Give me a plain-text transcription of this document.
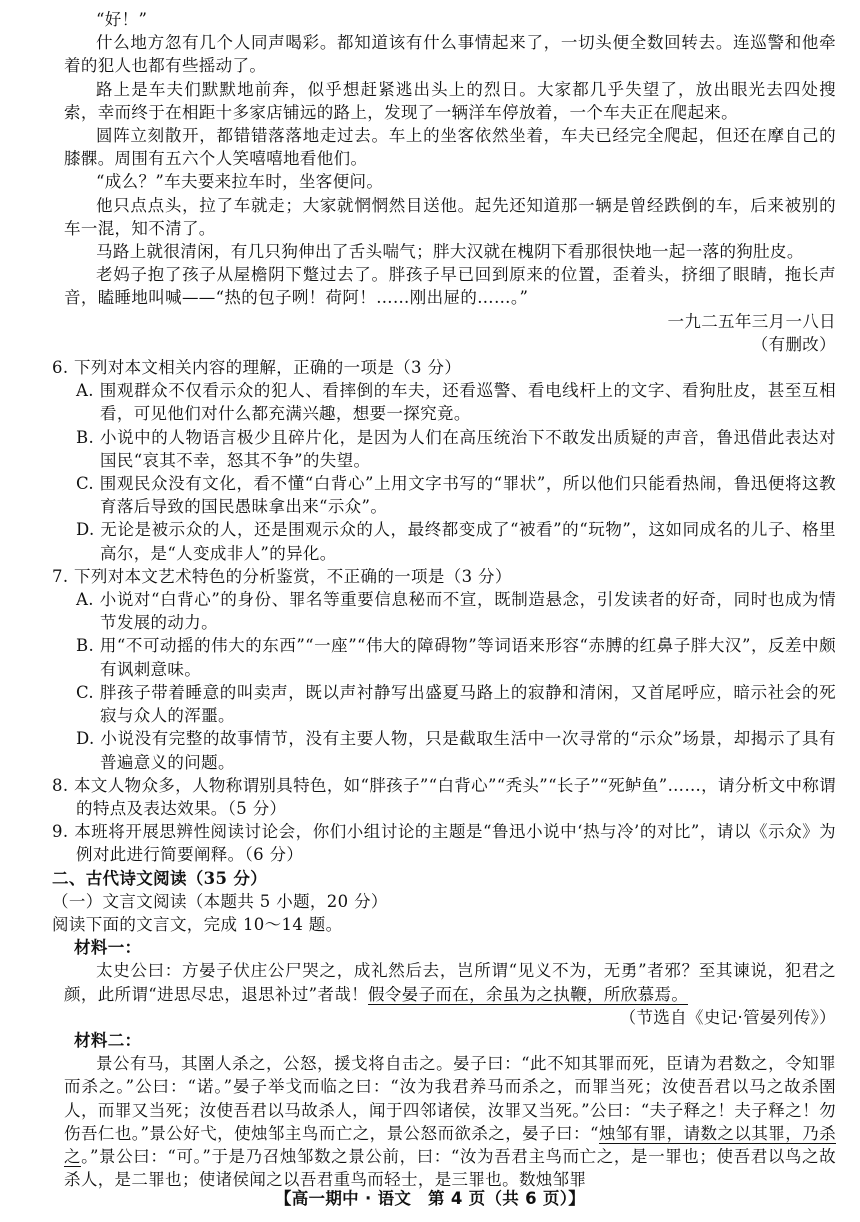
“好！”

什么地方忽有几个人同声喝彩。都知道该有什么事情起来了，一切头便全数回转去。连巡警和他牵着的犯人也都有些摇动了。

路上是车夫们默默地前奔，似乎想赶紧逃出头上的烈日。大家都几乎失望了，放出眼光去四处搜索，幸而终于在相距十多家店铺远的路上，发现了一辆洋车停放着，一个车夫正在爬起来。

圆阵立刻散开，都错错落落地走过去。车上的坐客依然坐着，车夫已经完全爬起，但还在摩自己的膝髁。周围有五六个人笑嘻嘻地看他们。

“成么？”车夫要来拉车时，坐客便问。

他只点点头，拉了车就走；大家就惘惘然目送他。起先还知道那一辆是曾经跌倒的车，后来被别的车一混，知不清了。

马路上就很清闲，有几只狗伸出了舌头喘气；胖大汉就在槐阴下看那很快地一起一落的狗肚皮。

老妈子抱了孩子从屋檐阴下蹩过去了。胖孩子早已回到原来的位置，歪着头，挤细了眼睛，拖长声音，瞌睡地叫喊——“热的包子咧！荷阿！……刚出屉的……。”

一九二五年三月一八日

（有删改）

6. 下列对本文相关内容的理解，正确的一项是（3 分）

A. 围观群众不仅看示众的犯人、看摔倒的车夫，还看巡警、看电线杆上的文字、看狗肚皮，甚至互相看，可见他们对什么都充满兴趣，想要一探究竟。

B. 小说中的人物语言极少且碎片化，是因为人们在高压统治下不敢发出质疑的声音，鲁迅借此表达对国民“哀其不幸，怒其不争”的失望。

C. 围观民众没有文化，看不懂“白背心”上用文字书写的“罪状”，所以他们只能看热闹，鲁迅便将这教育落后导致的国民愚昧拿出来“示众”。

D. 无论是被示众的人，还是围观示众的人，最终都变成了“被看”的“玩物”，这如同成名的儿子、格里高尔，是“人变成非人”的异化。

7. 下列对本文艺术特色的分析鉴赏，不正确的一项是（3 分）

A. 小说对“白背心”的身份、罪名等重要信息秘而不宣，既制造悬念，引发读者的好奇，同时也成为情节发展的动力。

B. 用“不可动摇的伟大的东西”“一座”“伟大的障碍物”等词语来形容“赤膊的红鼻子胖大汉”，反差中颇有讽刺意味。

C. 胖孩子带着睡意的叫卖声，既以声衬静写出盛夏马路上的寂静和清闲，又首尾呼应，暗示社会的死寂与众人的浑噩。

D. 小说没有完整的故事情节，没有主要人物，只是截取生活中一次寻常的“示众”场景，却揭示了具有普遍意义的问题。

8. 本文人物众多，人物称谓别具特色，如“胖孩子”“白背心”“秃头”“长子”“死鲈鱼”……，请分析文中称谓的特点及表达效果。（5 分）

9. 本班将开展思辨性阅读讨论会，你们小组讨论的主题是“鲁迅小说中‘热与冷’的对比”，请以《示众》为例对此进行简要阐释。（6 分）

二、古代诗文阅读（35 分）

（一）文言文阅读（本题共 5 小题，20 分）

阅读下面的文言文，完成 10～14 题。

材料一：

太史公曰：方晏子伏庄公尸哭之，成礼然后去，岂所谓“见义不为，无勇”者邪？至其谏说，犯君之颜，此所谓“进思尽忠，退思补过”者哉！假令晏子而在，余虽为之执鞭，所欣慕焉。

（节选自《史记·管晏列传》）

材料二：

景公有马，其圉人杀之，公怒，援戈将自击之。晏子曰：“此不知其罪而死，臣请为君数之，令知罪而杀之。”公曰：“诺。”晏子举戈而临之曰：“汝为我君养马而杀之，而罪当死；汝使吾君以马之故杀圉人，而罪又当死；汝使吾君以马故杀人，闻于四邻诸侯，汝罪又当死。”公曰：“夫子释之！夫子释之！勿伤吾仁也。”景公好弋，使烛邹主鸟而亡之，景公怒而欲杀之，晏子曰：“烛邹有罪，请数之以其罪，乃杀之。”景公曰：“可。”于是乃召烛邹数之景公前，曰：“汝为吾君主鸟而亡之，是一罪也；使吾君以鸟之故杀人，是二罪也；使诸侯闻之以吾君重鸟而轻士，是三罪也。数烛邹罪

【高一期中 · 语文　第 4 页（共 6 页）】
